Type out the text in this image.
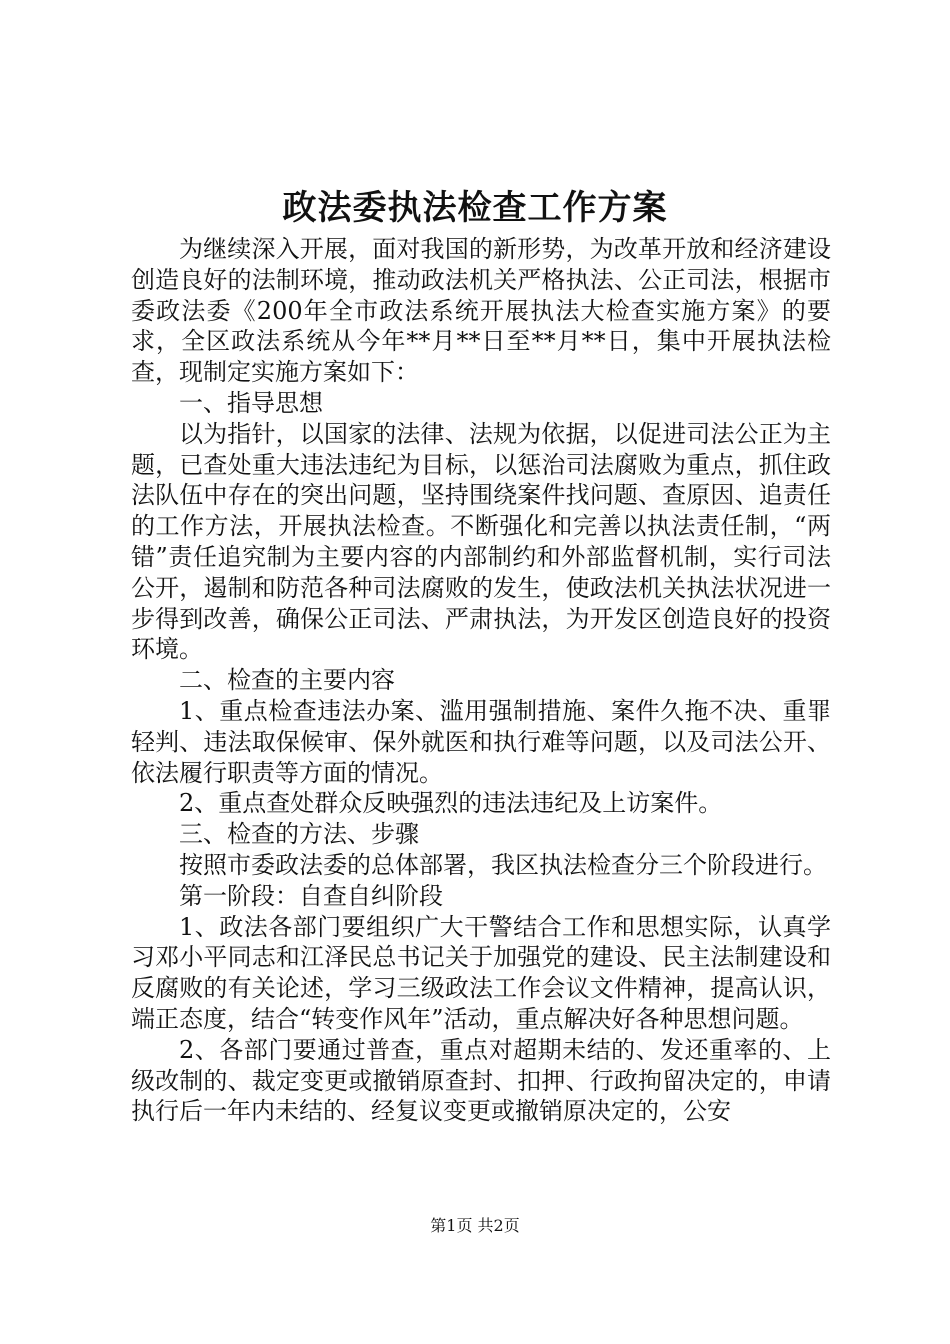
政法委执法检查工作方案

为继续深入开展，面对我国的新形势，为改革开放和经济建设创造良好的法制环境，推动政法机关严格执法、公正司法，根据市委政法委《200年全市政法系统开展执法大检查实施方案》的要求，全区政法系统从今年**月**日至**月**日，集中开展执法检查，现制定实施方案如下：

一、指导思想

以为指针，以国家的法律、法规为依据，以促进司法公正为主题，已查处重大违法违纪为目标，以惩治司法腐败为重点，抓住政法队伍中存在的突出问题，坚持围绕案件找问题、查原因、追责任的工作方法，开展执法检查。不断强化和完善以执法责任制，“两错”责任追究制为主要内容的内部制约和外部监督机制，实行司法公开，遏制和防范各种司法腐败的发生，使政法机关执法状况进一步得到改善，确保公正司法、严肃执法，为开发区创造良好的投资环境。

二、检查的主要内容

1、重点检查违法办案、滥用强制措施、案件久拖不决、重罪轻判、违法取保候审、保外就医和执行难等问题，以及司法公开、依法履行职责等方面的情况。

2、重点查处群众反映强烈的违法违纪及上访案件。

三、检查的方法、步骤

按照市委政法委的总体部署，我区执法检查分三个阶段进行。

第一阶段：自查自纠阶段

1、政法各部门要组织广大干警结合工作和思想实际，认真学习邓小平同志和江泽民总书记关于加强党的建设、民主法制建设和反腐败的有关论述，学习三级政法工作会议文件精神，提高认识，端正态度，结合“转变作风年”活动，重点解决好各种思想问题。

2、各部门要通过普查，重点对超期未结的、发还重率的、上级改制的、裁定变更或撤销原查封、扣押、行政拘留决定的，申请执行后一年内未结的、经复议变更或撤销原决定的，公安

第1页 共2页
